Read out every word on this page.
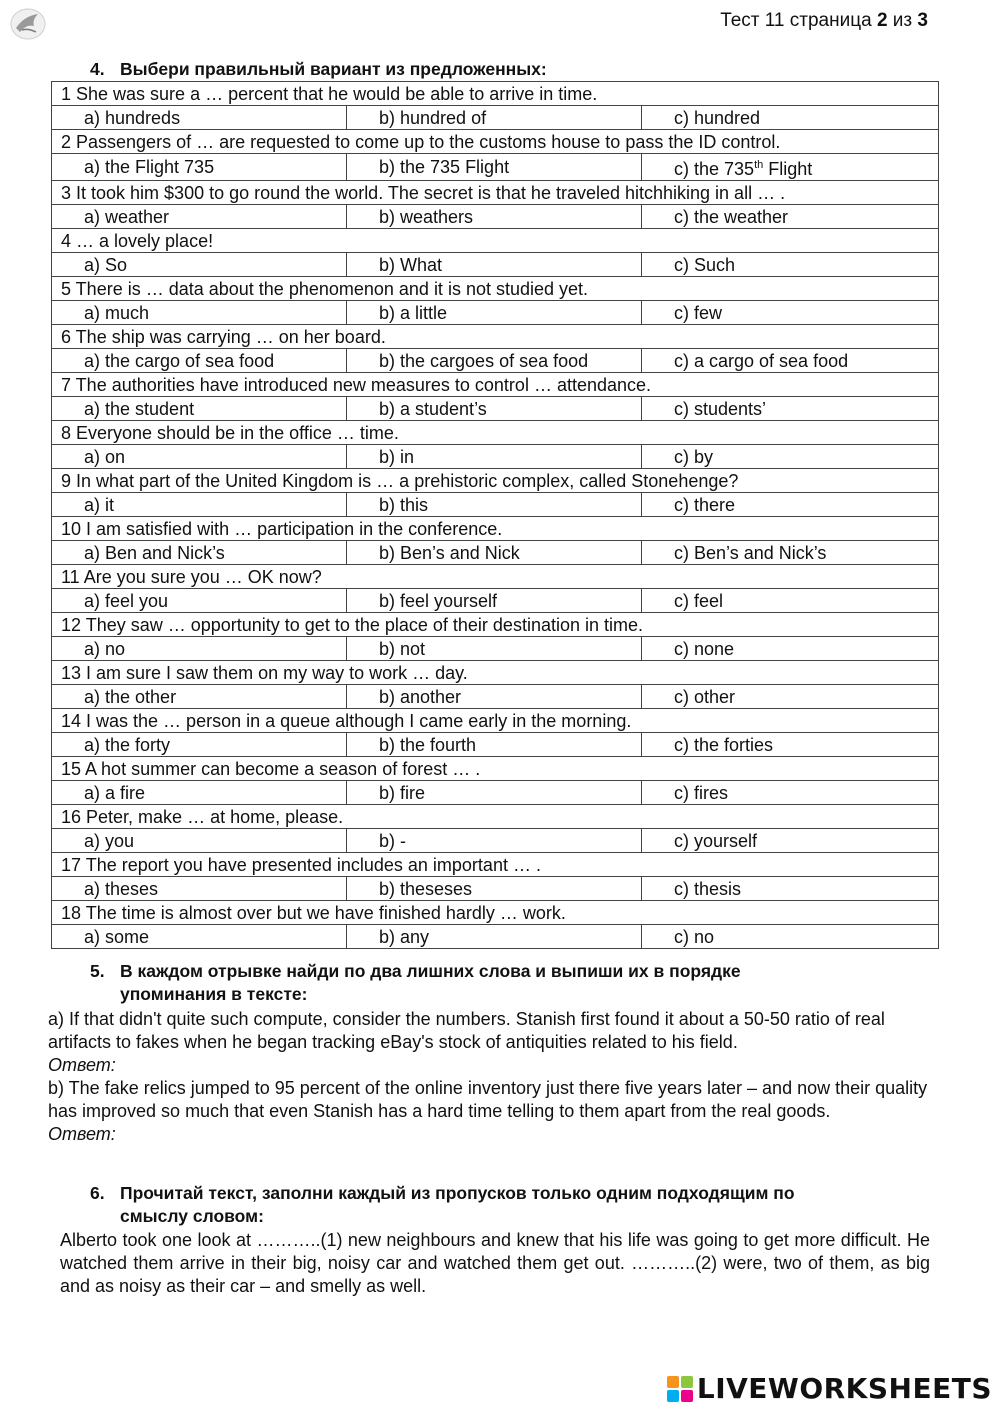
Тест 11 страница 2 из 3
4. Выбери правильный вариант из предложенных:
1 She was sure a … percent that he would be able to arrive in time.		
a) hundreds	b) hundred of	c) hundred
2 Passengers of … are requested to come up to the customs house to pass the ID control.		
a) the Flight 735	b) the 735 Flight	c) the 735th Flight
3 It took him $300 to go round the world. The secret is that he traveled hitchhiking in all … .		
a) weather	b) weathers	c) the weather
4 … a lovely place!		
a) So	b) What	c) Such
5 There is … data about the phenomenon and it is not studied yet.		
a) much	b) a little	c) few
6 The ship was carrying … on her board.		
a) the cargo of sea food	b) the cargoes of sea food	c) a cargo of sea food
7 The authorities have introduced new measures to control … attendance.		
a) the student	b) a student’s	c) students’
8 Everyone should be in the office … time.		
a) on	b) in	c) by
9 In what part of the United Kingdom is … a prehistoric complex, called Stonehenge?		
a) it	b) this	c) there
10 I am satisfied with … participation in the conference.		
a) Ben and Nick’s	b) Ben’s and Nick	c) Ben’s and Nick’s
11 Are you sure you … OK now?		
a) feel you	b) feel yourself	c) feel
12 They saw … opportunity to get to the place of their destination in time.		
a) no	b) not	c) none
13 I am sure I saw them on my way to work … day.		
a) the other	b) another	c) other
14 I was the … person in a queue although I came early in the morning.		
a) the forty	b) the fourth	c) the forties
15 A hot summer can become a season of forest … .		
a) a fire	b) fire	c) fires
16 Peter, make … at home, please.		
a) you	b) -	c) yourself
17 The report you have presented includes an important … .		
a) theses	b) theseses	c) thesis
18 The time is almost over but we have finished hardly … work.		
a) some	b) any	c) no
5. В каждом отрывке найди по два лишних слова и выпиши их в порядке
упоминания в тексте:
a) If that didn't quite such compute, consider the numbers. Stanish first found it about a 50-50 ratio of real artifacts to fakes when he began tracking eBay's stock of antiquities related to his field.
Ответ:
b) The fake relics jumped to 95 percent of the online inventory just there five years later – and now their quality has improved so much that even Stanish has a hard time telling to them apart from the real goods.
Ответ:
6. Прочитай текст, заполни каждый из пропусков только одним подходящим по
смыслу словом:
Alberto took one look at ………..(1) new neighbours and knew that his life was going to get more difficult. He watched them arrive in their big, noisy car and watched them get out. ………..(2) were, two of them, as big and as noisy as their car – and smelly as well.
LIVEWORKSHEETS
